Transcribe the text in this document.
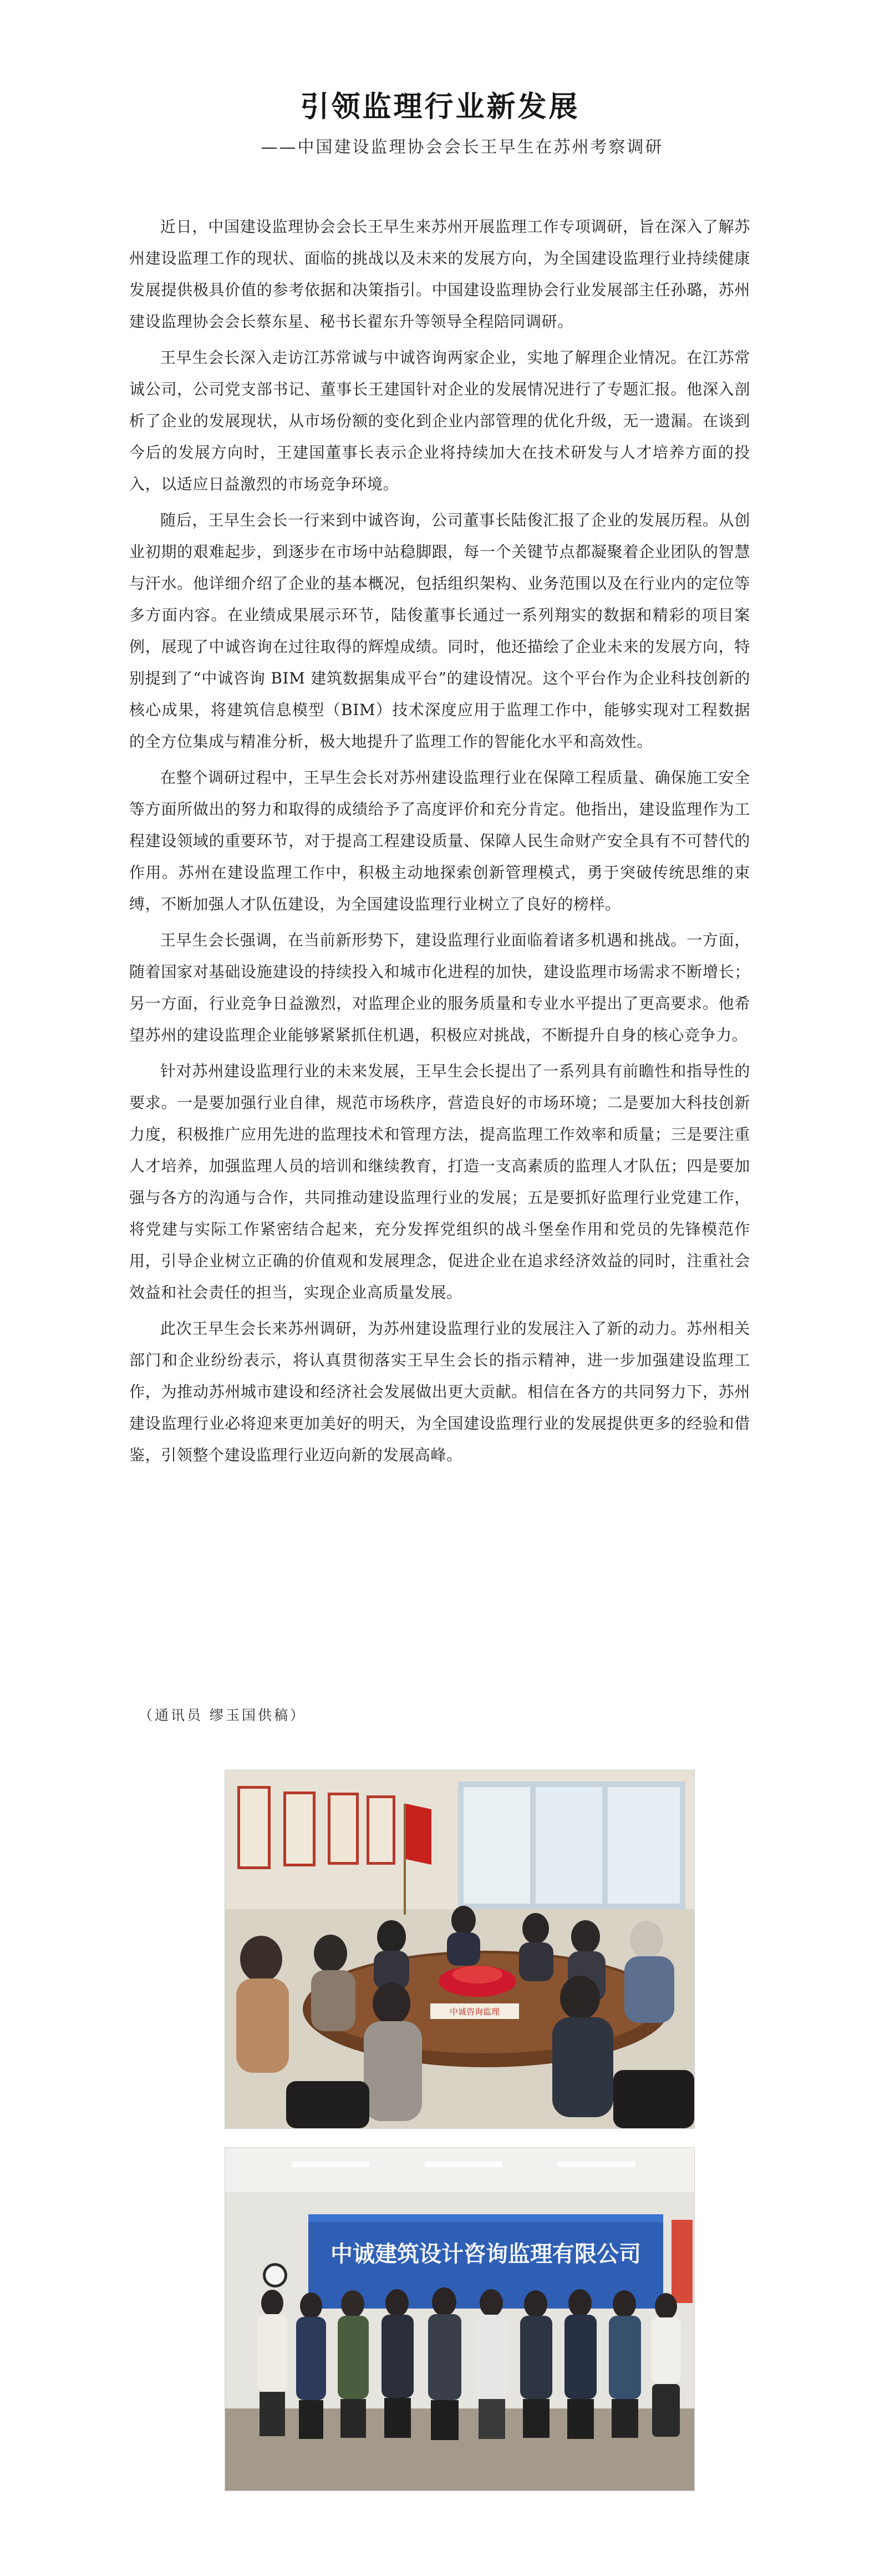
引领监理行业新发展
——中国建设监理协会会长王早生在苏州考察调研

近日，中国建设监理协会会长王早生来苏州开展监理工作专项调研，旨在深入了解苏州建设监理工作的现状、面临的挑战以及未来的发展方向，为全国建设监理行业持续健康发展提供极具价值的参考依据和决策指引。中国建设监理协会行业发展部主任孙璐，苏州建设监理协会会长蔡东星、秘书长翟东升等领导全程陪同调研。

王早生会长深入走访江苏常诚与中诚咨询两家企业，实地了解理企业情况。在江苏常诚公司，公司党支部书记、董事长王建国针对企业的发展情况进行了专题汇报。他深入剖析了企业的发展现状，从市场份额的变化到企业内部管理的优化升级，无一遗漏。在谈到今后的发展方向时，王建国董事长表示企业将持续加大在技术研发与人才培养方面的投入，以适应日益激烈的市场竞争环境。

随后，王早生会长一行来到中诚咨询，公司董事长陆俊汇报了企业的发展历程。从创业初期的艰难起步，到逐步在市场中站稳脚跟，每一个关键节点都凝聚着企业团队的智慧与汗水。他详细介绍了企业的基本概况，包括组织架构、业务范围以及在行业内的定位等多方面内容。在业绩成果展示环节，陆俊董事长通过一系列翔实的数据和精彩的项目案例，展现了中诚咨询在过往取得的辉煌成绩。同时，他还描绘了企业未来的发展方向，特别提到了“中诚咨询 BIM 建筑数据集成平台”的建设情况。这个平台作为企业科技创新的核心成果，将建筑信息模型（BIM）技术深度应用于监理工作中，能够实现对工程数据的全方位集成与精准分析，极大地提升了监理工作的智能化水平和高效性。

在整个调研过程中，王早生会长对苏州建设监理行业在保障工程质量、确保施工安全等方面所做出的努力和取得的成绩给予了高度评价和充分肯定。他指出，建设监理作为工程建设领域的重要环节，对于提高工程建设质量、保障人民生命财产安全具有不可替代的作用。苏州在建设监理工作中，积极主动地探索创新管理模式，勇于突破传统思维的束缚，不断加强人才队伍建设，为全国建设监理行业树立了良好的榜样。

王早生会长强调，在当前新形势下，建设监理行业面临着诸多机遇和挑战。一方面，随着国家对基础设施建设的持续投入和城市化进程的加快，建设监理市场需求不断增长；另一方面，行业竞争日益激烈，对监理企业的服务质量和专业水平提出了更高要求。他希望苏州的建设监理企业能够紧紧抓住机遇，积极应对挑战，不断提升自身的核心竞争力。

针对苏州建设监理行业的未来发展，王早生会长提出了一系列具有前瞻性和指导性的要求。一是要加强行业自律，规范市场秩序，营造良好的市场环境；二是要加大科技创新力度，积极推广应用先进的监理技术和管理方法，提高监理工作效率和质量；三是要注重人才培养，加强监理人员的培训和继续教育，打造一支高素质的监理人才队伍；四是要加强与各方的沟通与合作，共同推动建设监理行业的发展；五是要抓好监理行业党建工作，将党建与实际工作紧密结合起来，充分发挥党组织的战斗堡垒作用和党员的先锋模范作用，引导企业树立正确的价值观和发展理念，促进企业在追求经济效益的同时，注重社会效益和社会责任的担当，实现企业高质量发展。

此次王早生会长来苏州调研，为苏州建设监理行业的发展注入了新的动力。苏州相关部门和企业纷纷表示，将认真贯彻落实王早生会长的指示精神，进一步加强建设监理工作，为推动苏州城市建设和经济社会发展做出更大贡献。相信在各方的共同努力下，苏州建设监理行业必将迎来更加美好的明天，为全国建设监理行业的发展提供更多的经验和借鉴，引领整个建设监理行业迈向新的发展高峰。

（通讯员 缪玉国供稿）
中诚咨询监理
中诚建筑设计咨询监理有限公司
